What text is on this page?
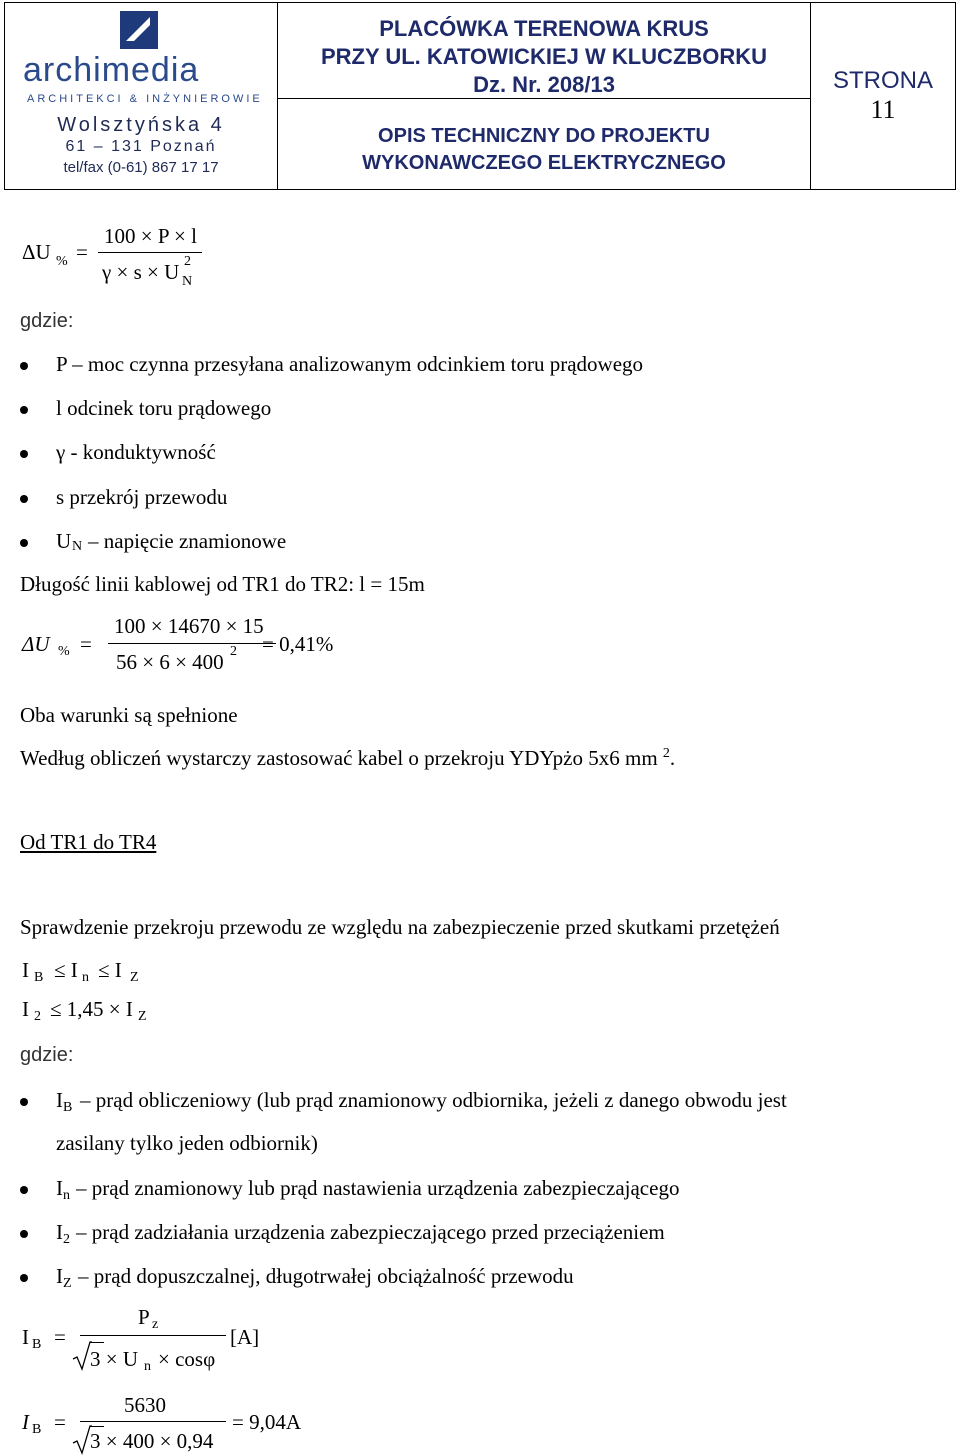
archimedia
ARCHITEKCI & INŻYNIEROWIE
Wolsztyńska 4
61 – 131 Poznań
tel/fax (0-61) 867 17 17

PLACÓWKA TERENOWA KRUS
PRZY UL. KATOWICKIEJ W KLUCZBORKU
Dz. Nr. 208/13
OPIS TECHNICZNY DO PROJEKTU
WYKONAWCZEGO ELEKTRYCZNEGO

STRONA
11
ΔU % =
100 × P × l
γ × s × U 2
N
gdzie:
P – moc czynna przesyłana analizowanym odcinkiem toru prądowego
l odcinek toru prądowego
γ - konduktywność
s przekrój przewodu
U N – napięcie znamionowe
Długość linii kablowej od TR1 do TR2: l = 15m
ΔU % =
100 × 14670 × 15
56 × 6 × 400 2 = 0,41%
Oba warunki są spełnione
Według obliczeń wystarczy zastosować kabel o przekroju YDYpżo 5x6 mm $^2$.
Od TR1 do TR4
Sprawdzenie przekroju przewodu ze względu na zabezpieczenie przed skutkami przetężeń
I B ≤ I n ≤ I Z
I 2 ≤ 1,45 × I Z
gdzie:
I B – prąd obliczeniowy (lub prąd znamionowy odbiornika, jeżeli z danego obwodu jest
zasilany tylko jeden odbiornik)
I n – prąd znamionowy lub prąd nastawienia urządzenia zabezpieczającego
I 2 – prąd zadziałania urządzenia zabezpieczającego przed przeciążeniem
I Z – prąd dopuszczalnej, długotrwałej obciążalność przewodu
I B =
P z
3 × U n × cosφ
[A]
I B =
5630
3 × 400 × 0,94
= 9,04A
